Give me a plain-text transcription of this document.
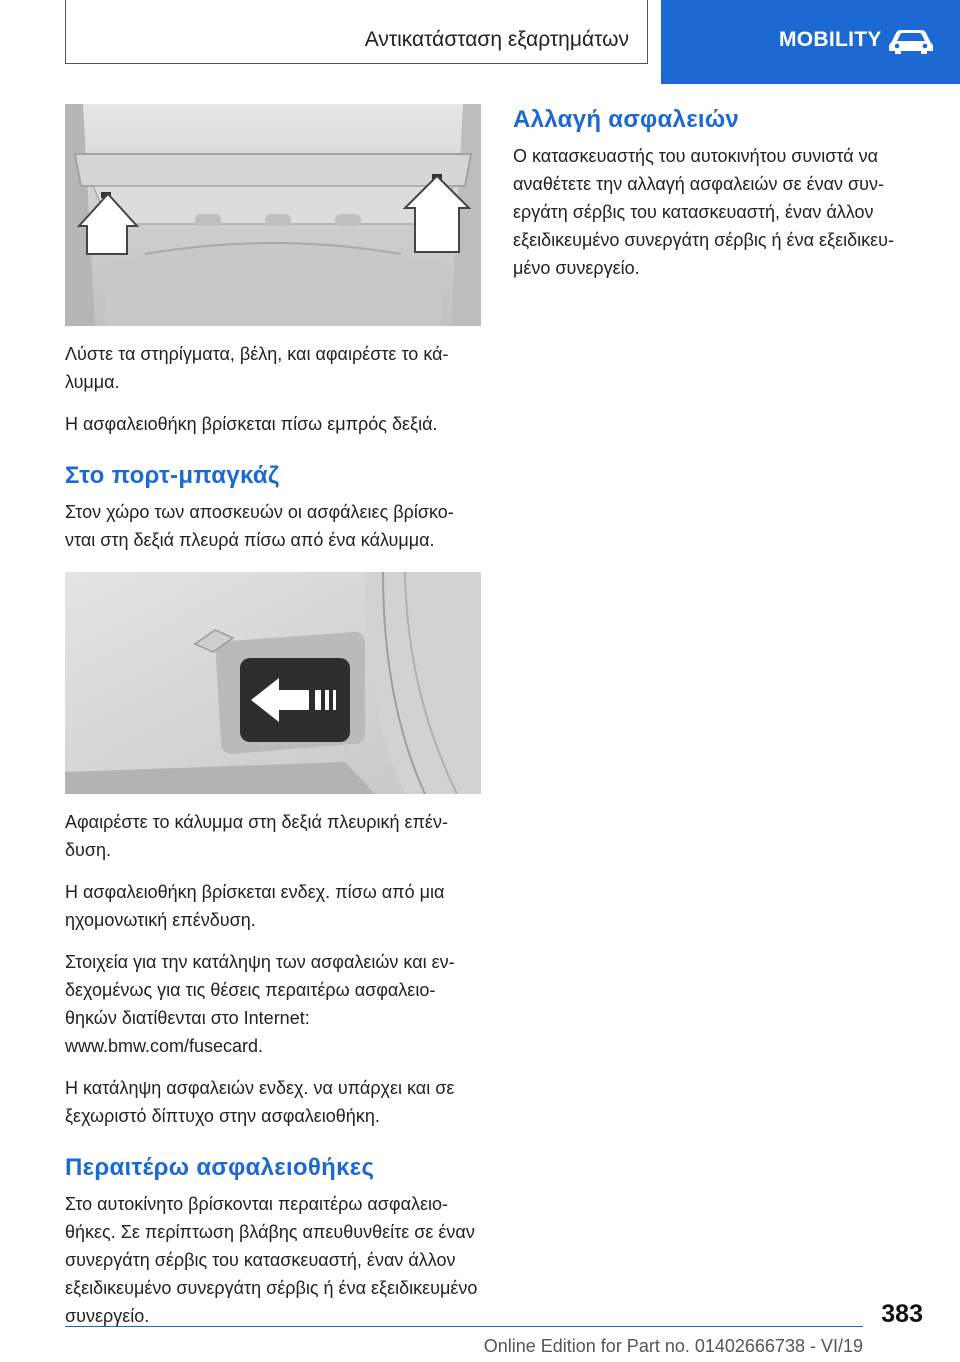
Αντικατάσταση εξαρτημάτων	MOBILITY

Λύστε τα στηρίγματα, βέλη, και αφαιρέστε το κά‐λυμμα.

Η ασφαλειοθήκη βρίσκεται πίσω εμπρός δεξιά.

Στο πορτ-μπαγκάζ

Στον χώρο των αποσκευών οι ασφάλειες βρίσκο‐νται στη δεξιά πλευρά πίσω από ένα κάλυμμα.

Αφαιρέστε το κάλυμμα στη δεξιά πλευρική επέν‐δυση.

Η ασφαλειοθήκη βρίσκεται ενδεχ. πίσω από μια ηχομονωτική επένδυση.

Στοιχεία για την κατάληψη των ασφαλειών και εν‐δεχομένως για τις θέσεις περαιτέρω ασφαλειο‐θηκών διατίθενται στο Internet: www.bmw.com/fusecard.

Η κατάληψη ασφαλειών ενδεχ. να υπάρχει και σε ξεχωριστό δίπτυχο στην ασφαλειοθήκη.

Περαιτέρω ασφαλειοθήκες

Στο αυτοκίνητο βρίσκονται περαιτέρω ασφαλειο‐θήκες. Σε περίπτωση βλάβης απευθυνθείτε σε έναν συνεργάτη σέρβις του κατασκευαστή, έναν άλλον εξειδικευμένο συνεργάτη σέρβις ή ένα εξειδικευμένο συνεργείο.

Αλλαγή ασφαλειών

Ο κατασκευαστής του αυτοκινήτου συνιστά να αναθέτετε την αλλαγή ασφαλειών σε έναν συν‐εργάτη σέρβις του κατασκευαστή, έναν άλλον εξειδικευμένο συνεργάτη σέρβις ή ένα εξειδικευ‐μένο συνεργείο.

383
Online Edition for Part no. 01402666738 - VI/19
